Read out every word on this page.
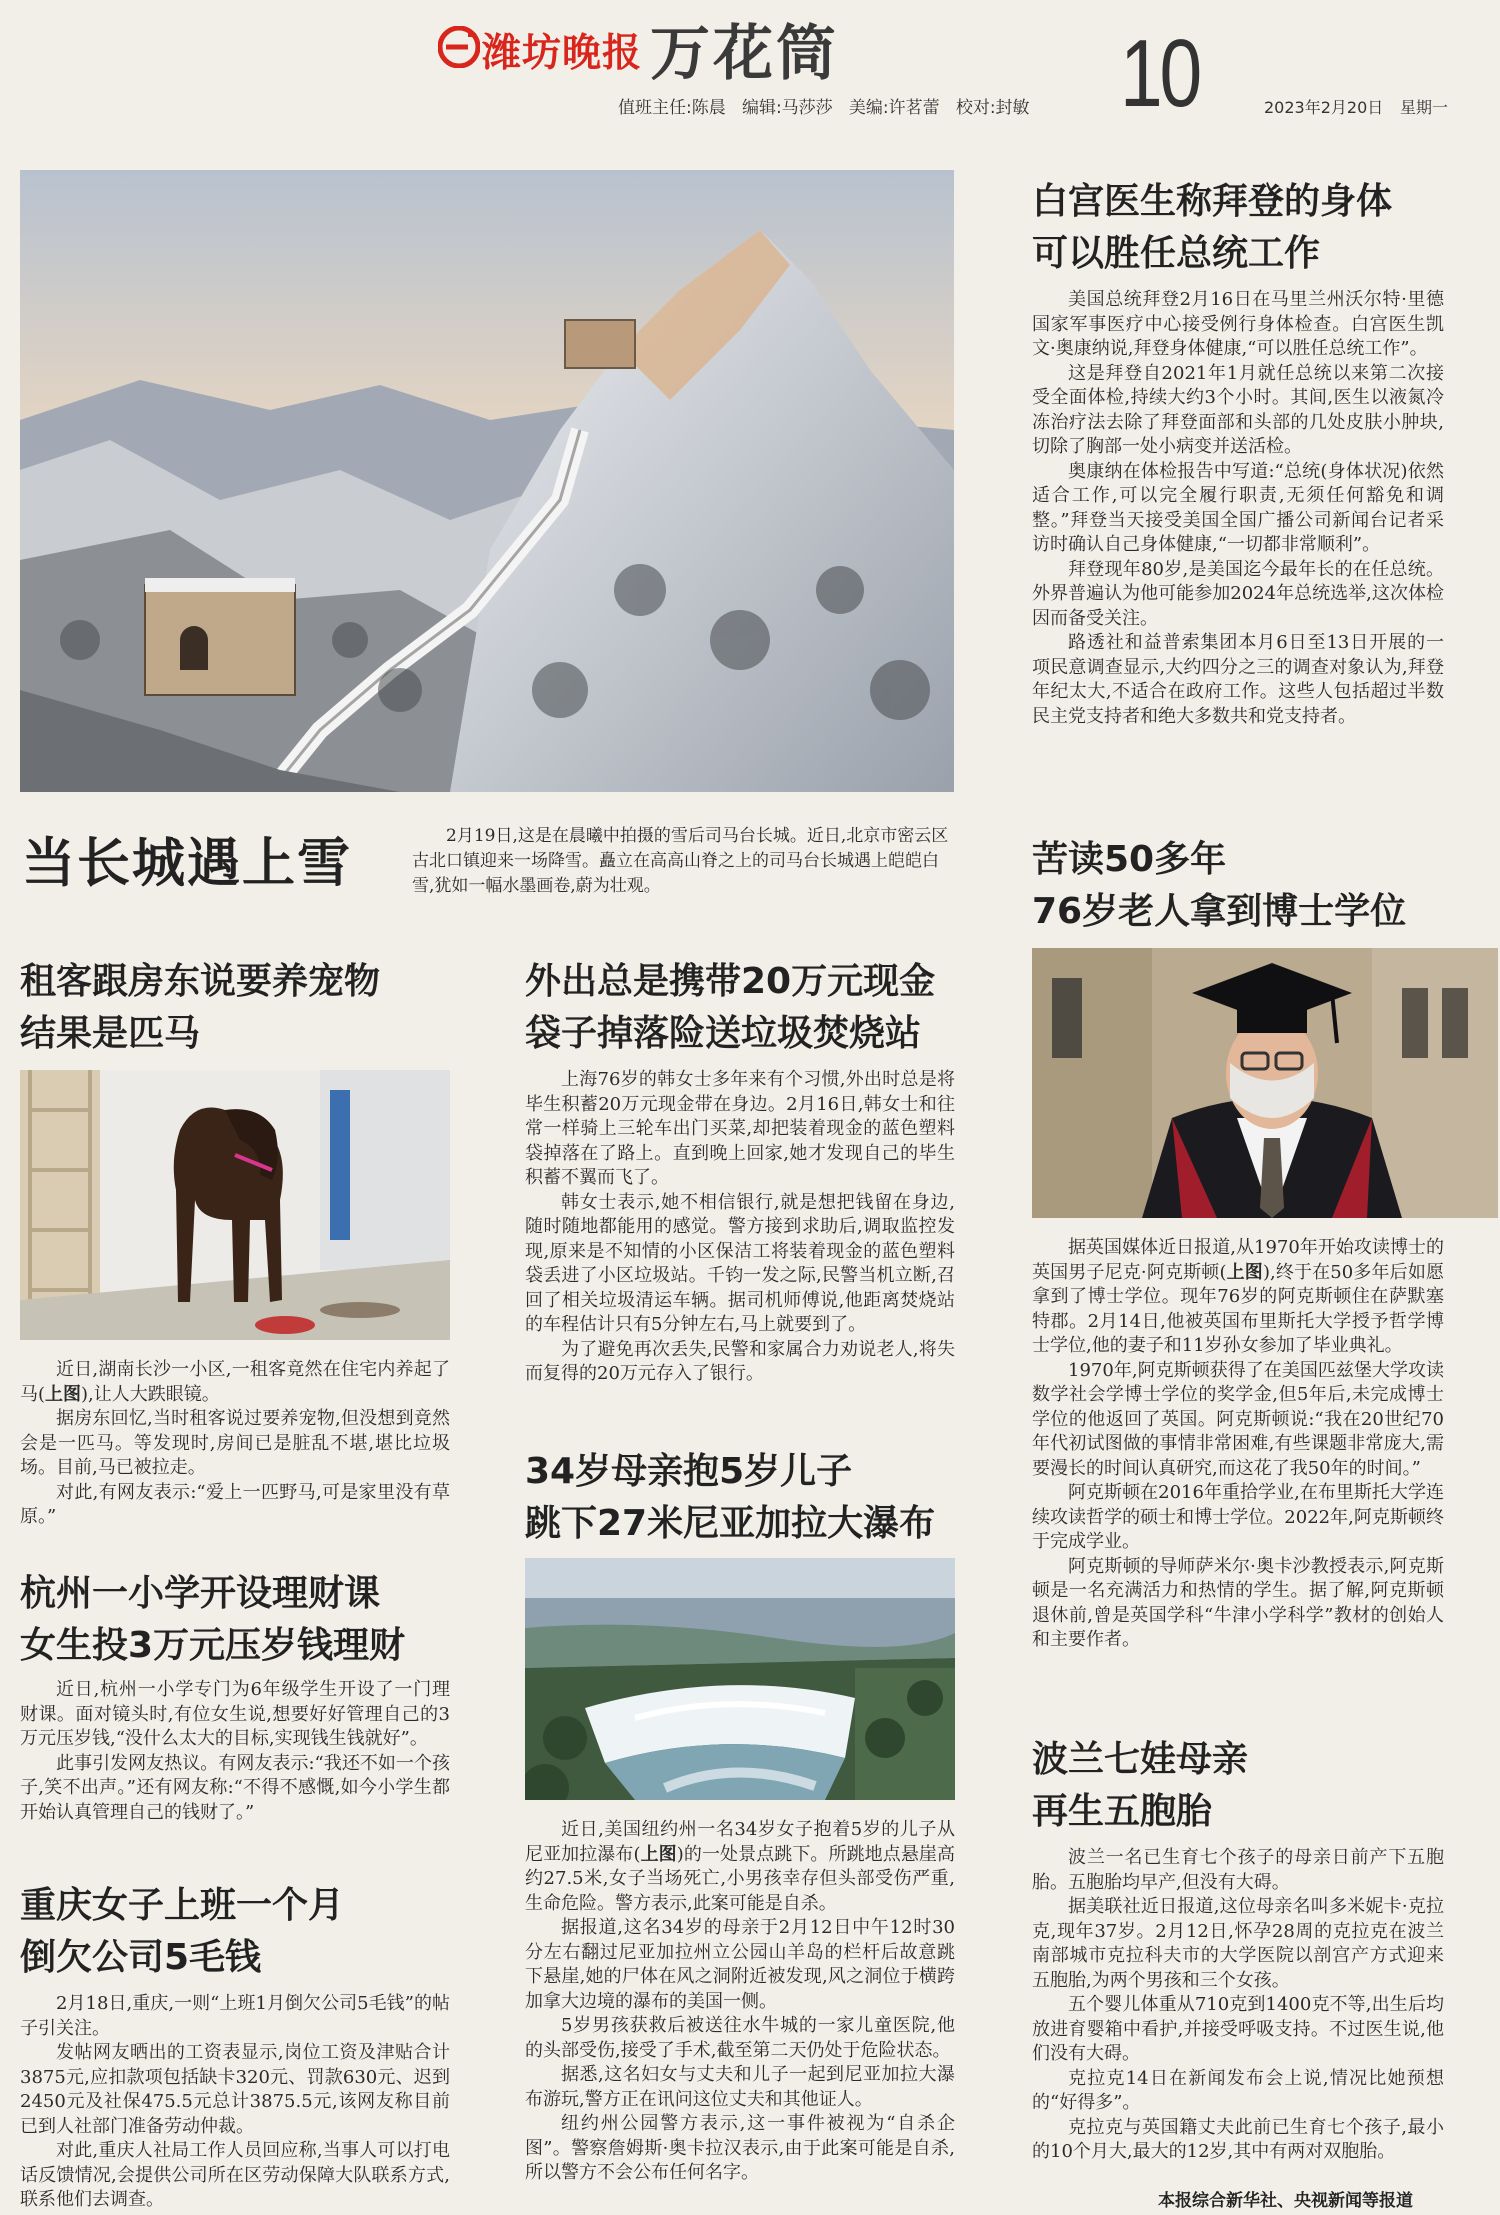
潍坊晚报 万花筒	10
值班主任:陈晨   编辑:马莎莎   美编:许茗蕾   校对:封敏	2023年2月20日 星期一
当长城遇上雪	2月19日,这是在晨曦中拍摄的雪后司马台长城。近日,北京市密云区古北口镇迎来一场降雪。矗立在高高山脊之上的司马台长城遇上皑皑白雪,犹如一幅水墨画卷,蔚为壮观。

租客跟房东说要养宠物
结果是匹马

近日,湖南长沙一小区,一租客竟然在住宅内养起了马(上图),让人大跌眼镜。

据房东回忆,当时租客说过要养宠物,但没想到竟然会是一匹马。等发现时,房间已是脏乱不堪,堪比垃圾场。目前,马已被拉走。

对此,有网友表示:“爱上一匹野马,可是家里没有草原。”

杭州一小学开设理财课
女生投3万元压岁钱理财

近日,杭州一小学专门为6年级学生开设了一门理财课。面对镜头时,有位女生说,想要好好管理自己的3万元压岁钱,“没什么太大的目标,实现钱生钱就好”。

此事引发网友热议。有网友表示:“我还不如一个孩子,笑不出声。”还有网友称:“不得不感慨,如今小学生都开始认真管理自己的钱财了。”

重庆女子上班一个月
倒欠公司5毛钱

2月18日,重庆,一则“上班1月倒欠公司5毛钱”的帖子引关注。

发帖网友晒出的工资表显示,岗位工资及津贴合计3875元,应扣款项包括缺卡320元、罚款630元、迟到2450元及社保475.5元总计3875.5元,该网友称目前已到人社部门准备劳动仲裁。

对此,重庆人社局工作人员回应称,当事人可以打电话反馈情况,会提供公司所在区劳动保障大队联系方式,联系他们去调查。

外出总是携带20万元现金
袋子掉落险送垃圾焚烧站

上海76岁的韩女士多年来有个习惯,外出时总是将毕生积蓄20万元现金带在身边。2月16日,韩女士和往常一样骑上三轮车出门买菜,却把装着现金的蓝色塑料袋掉落在了路上。直到晚上回家,她才发现自己的毕生积蓄不翼而飞了。

韩女士表示,她不相信银行,就是想把钱留在身边,随时随地都能用的感觉。警方接到求助后,调取监控发现,原来是不知情的小区保洁工将装着现金的蓝色塑料袋丢进了小区垃圾站。千钧一发之际,民警当机立断,召回了相关垃圾清运车辆。据司机师傅说,他距离焚烧站的车程估计只有5分钟左右,马上就要到了。

为了避免再次丢失,民警和家属合力劝说老人,将失而复得的20万元存入了银行。

34岁母亲抱5岁儿子
跳下27米尼亚加拉大瀑布

近日,美国纽约州一名34岁女子抱着5岁的儿子从尼亚加拉瀑布(上图)的一处景点跳下。所跳地点悬崖高约27.5米,女子当场死亡,小男孩幸存但头部受伤严重,生命危险。警方表示,此案可能是自杀。

据报道,这名34岁的母亲于2月12日中午12时30分左右翻过尼亚加拉州立公园山羊岛的栏杆后故意跳下悬崖,她的尸体在风之洞附近被发现,风之洞位于横跨加拿大边境的瀑布的美国一侧。

5岁男孩获救后被送往水牛城的一家儿童医院,他的头部受伤,接受了手术,截至第二天仍处于危险状态。

据悉,这名妇女与丈夫和儿子一起到尼亚加拉大瀑布游玩,警方正在讯问这位丈夫和其他证人。

纽约州公园警方表示,这一事件被视为“自杀企图”。警察詹姆斯·奥卡拉汉表示,由于此案可能是自杀,所以警方不会公布任何名字。

白宫医生称拜登的身体
可以胜任总统工作

美国总统拜登2月16日在马里兰州沃尔特·里德国家军事医疗中心接受例行身体检查。白宫医生凯文·奥康纳说,拜登身体健康,“可以胜任总统工作”。

这是拜登自2021年1月就任总统以来第二次接受全面体检,持续大约3个小时。其间,医生以液氮冷冻治疗法去除了拜登面部和头部的几处皮肤小肿块,切除了胸部一处小病变并送活检。

奥康纳在体检报告中写道:“总统(身体状况)依然适合工作,可以完全履行职责,无须任何豁免和调整。”拜登当天接受美国全国广播公司新闻台记者采访时确认自己身体健康,“一切都非常顺利”。

拜登现年80岁,是美国迄今最年长的在任总统。外界普遍认为他可能参加2024年总统选举,这次体检因而备受关注。

路透社和益普索集团本月6日至13日开展的一项民意调查显示,大约四分之三的调查对象认为,拜登年纪太大,不适合在政府工作。这些人包括超过半数民主党支持者和绝大多数共和党支持者。

苦读50多年
76岁老人拿到博士学位

据英国媒体近日报道,从1970年开始攻读博士的英国男子尼克·阿克斯顿(上图),终于在50多年后如愿拿到了博士学位。现年76岁的阿克斯顿住在萨默塞特郡。2月14日,他被英国布里斯托大学授予哲学博士学位,他的妻子和11岁孙女参加了毕业典礼。

1970年,阿克斯顿获得了在美国匹兹堡大学攻读数学社会学博士学位的奖学金,但5年后,未完成博士学位的他返回了英国。阿克斯顿说:“我在20世纪70年代初试图做的事情非常困难,有些课题非常庞大,需要漫长的时间认真研究,而这花了我50年的时间。”

阿克斯顿在2016年重拾学业,在布里斯托大学连续攻读哲学的硕士和博士学位。2022年,阿克斯顿终于完成学业。

阿克斯顿的导师萨米尔·奥卡沙教授表示,阿克斯顿是一名充满活力和热情的学生。据了解,阿克斯顿退休前,曾是英国学科“牛津小学科学”教材的创始人和主要作者。

波兰七娃母亲
再生五胞胎

波兰一名已生育七个孩子的母亲日前产下五胞胎。五胞胎均早产,但没有大碍。

据美联社近日报道,这位母亲名叫多米妮卡·克拉克,现年37岁。2月12日,怀孕28周的克拉克在波兰南部城市克拉科夫市的大学医院以剖宫产方式迎来五胞胎,为两个男孩和三个女孩。

五个婴儿体重从710克到1400克不等,出生后均放进育婴箱中看护,并接受呼吸支持。不过医生说,他们没有大碍。

克拉克14日在新闻发布会上说,情况比她预想的“好得多”。

克拉克与英国籍丈夫此前已生育七个孩子,最小的10个月大,最大的12岁,其中有两对双胞胎。

本报综合新华社、央视新闻等报道
